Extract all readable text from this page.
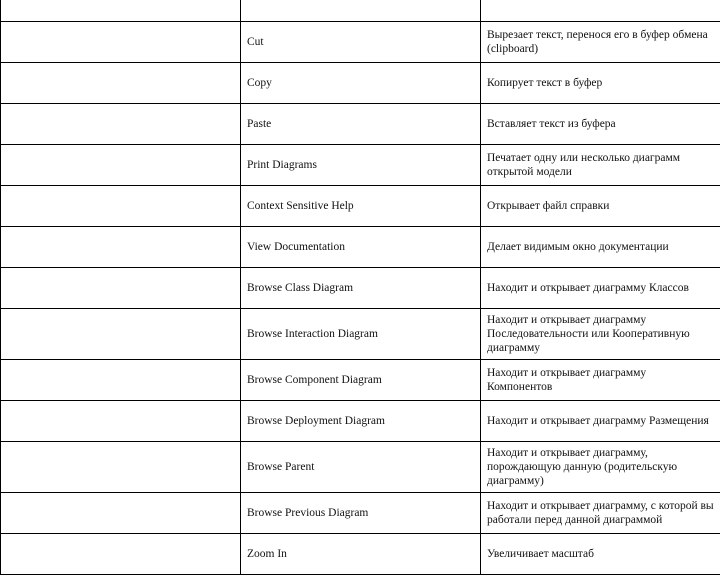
	Cut	Вырезает текст, перенося его в буфер обмена (clipboard)
	Copy	Копирует текст в буфер
	Paste	Вставляет текст из буфера
	Print Diagrams	Печатает одну или несколько диаграмм открытой модели
	Context Sensitive Help	Открывает файл справки
	View Documentation	Делает видимым окно документации
	Browse Class Diagram	Находит и открывает диаграмму Классов
	Browse Interaction Diagram	Находит и открывает диаграмму Последовательности или Кооперативную диаграмму
	Browse Component Diagram	Находит и открывает диаграмму Компонентов
	Browse Deployment Diagram	Находит и открывает диаграмму Размещения
	Browse Parent	Находит и открывает диаграмму, порождающую данную (родительскую диаграмму)
	Browse Previous Diagram	Находит и открывает диаграмму, с которой вы работали перед данной диаграммой
	Zoom In	Увеличивает масштаб
